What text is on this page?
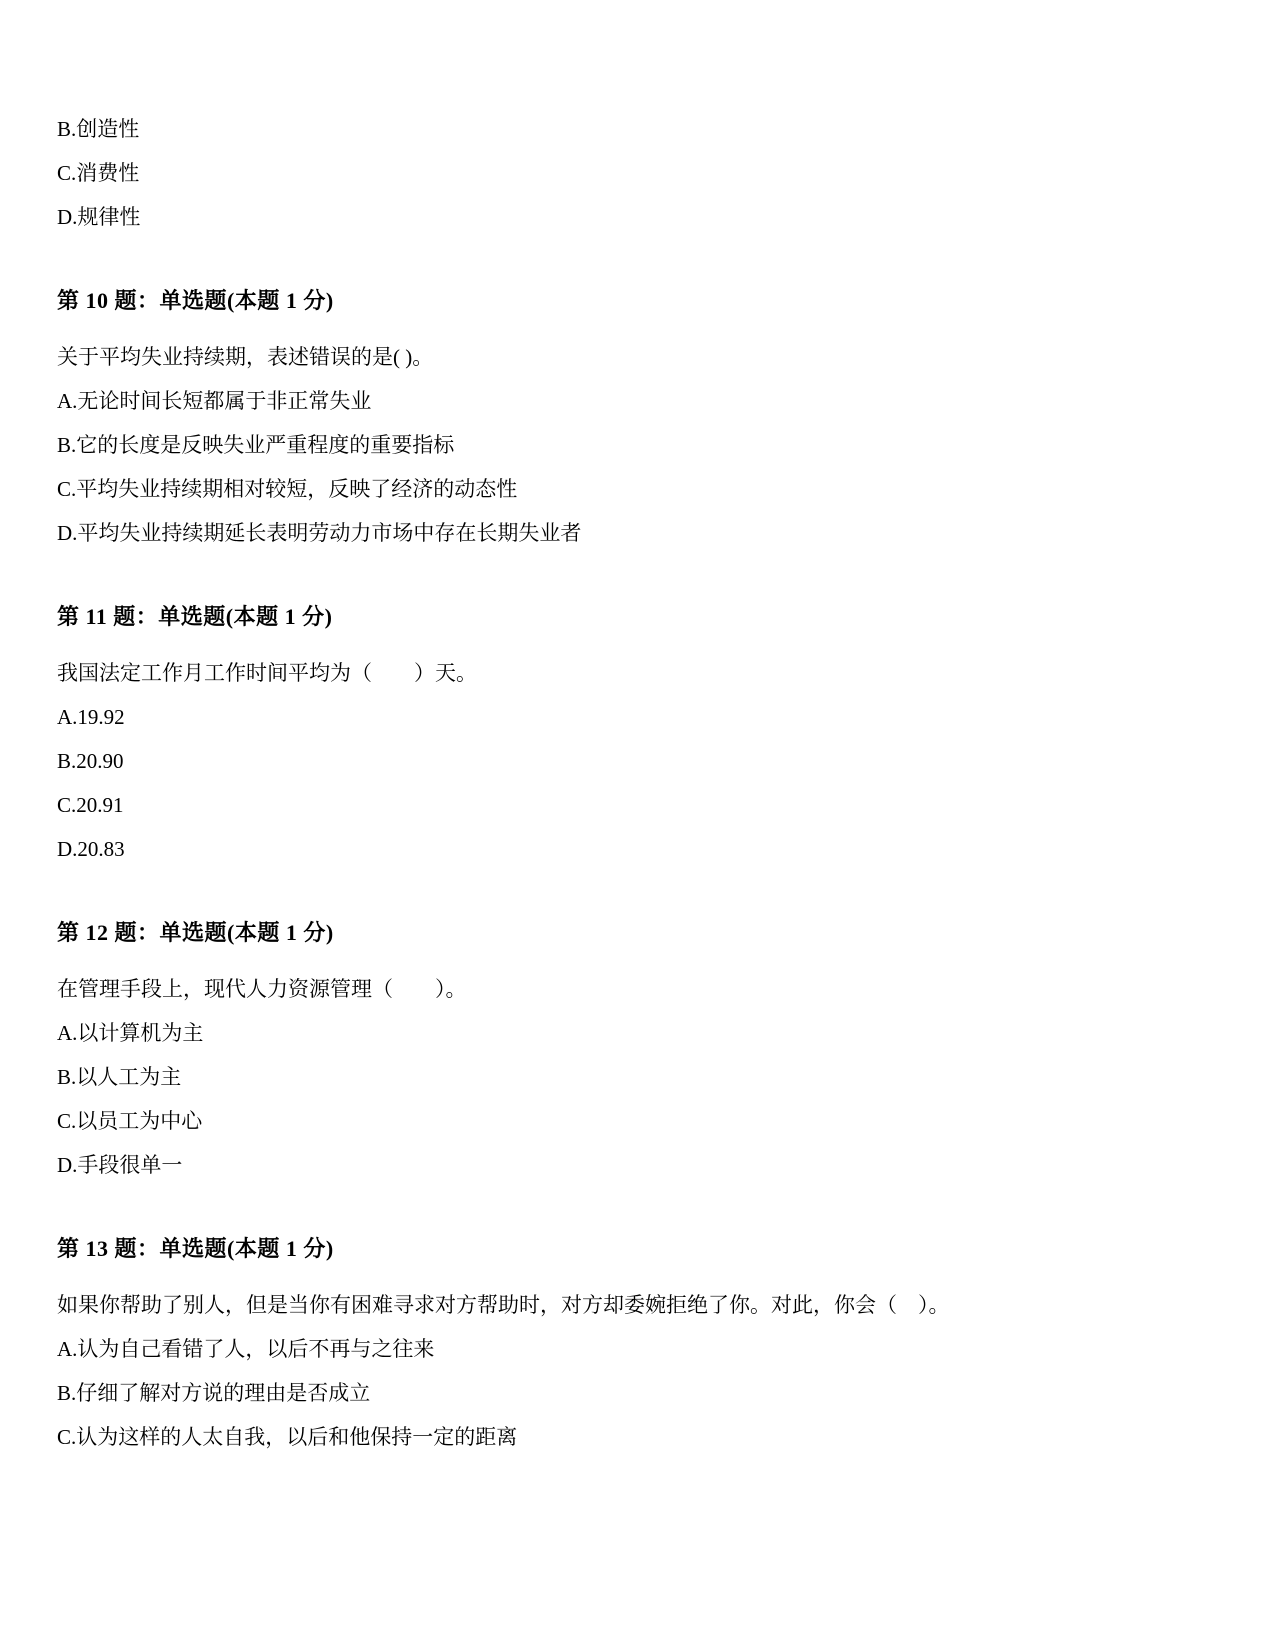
B.创造性
C.消费性
D.规律性
第 10 题：单选题(本题 1 分)
关于平均失业持续期，表述错误的是( )。
A.无论时间长短都属于非正常失业
B.它的长度是反映失业严重程度的重要指标
C.平均失业持续期相对较短，反映了经济的动态性
D.平均失业持续期延长表明劳动力市场中存在长期失业者
第 11 题：单选题(本题 1 分)
我国法定工作月工作时间平均为（　　）天。
A.19.92
B.20.90
C.20.91
D.20.83
第 12 题：单选题(本题 1 分)
在管理手段上，现代人力资源管理（　　）。
A.以计算机为主
B.以人工为主
C.以员工为中心
D.手段很单一
第 13 题：单选题(本题 1 分)
如果你帮助了别人，但是当你有困难寻求对方帮助时，对方却委婉拒绝了你。对此，你会（　）。
A.认为自己看错了人，以后不再与之往来
B.仔细了解对方说的理由是否成立
C.认为这样的人太自我，以后和他保持一定的距离
